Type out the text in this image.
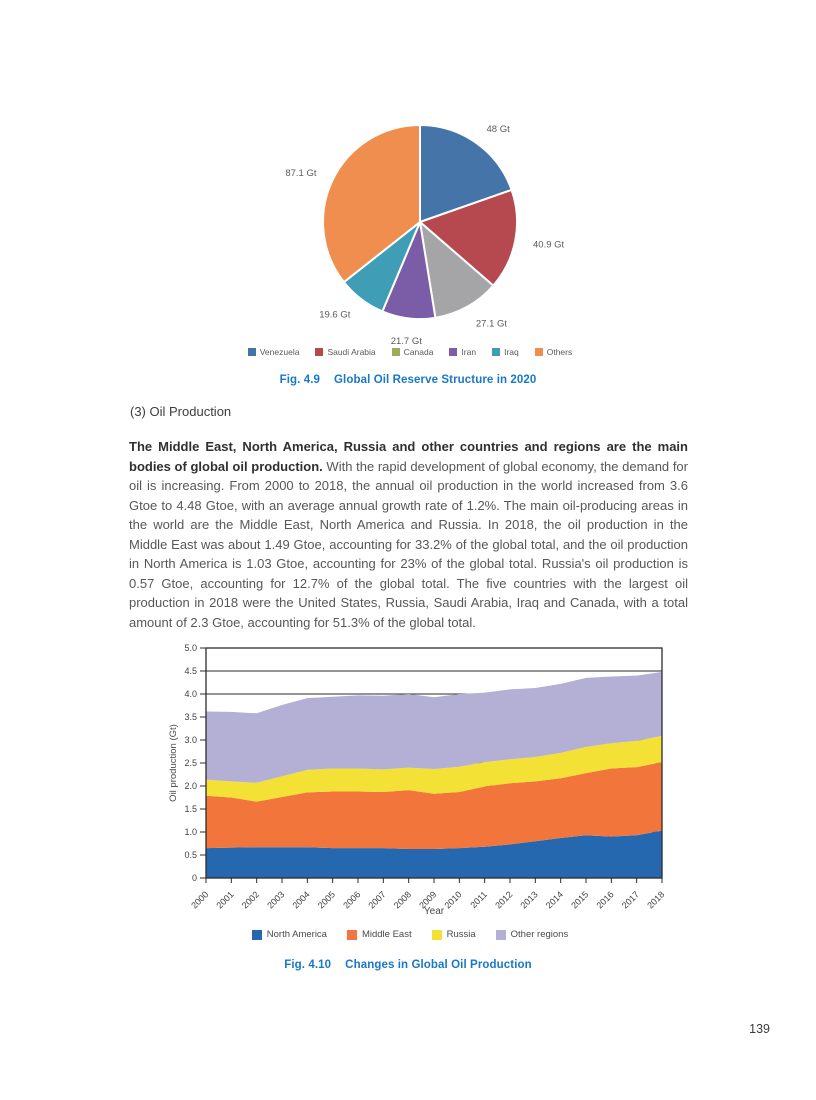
48 Gt
40.9 Gt
27.1 Gt
21.7 Gt
19.6 Gt
87.1 Gt
Venezuela	Saudi Arabia	Canada	Iran	Iraq	Others
Fig. 4.9 Global Oil Reserve Structure in 2020
(3) Oil Production

The Middle East, North America, Russia and other countries and regions are the main bodies of global oil production. With the rapid development of global economy, the demand for oil is increasing. From 2000 to 2018, the annual oil production in the world increased from 3.6 Gtoe to 4.48 Gtoe, with an average annual growth rate of 1.2%. The main oil-producing areas in the world are the Middle East, North America and Russia. In 2018, the oil production in the Middle East was about 1.49 Gtoe, accounting for 33.2% of the global total, and the oil production in North America is 1.03 Gtoe, accounting for 23% of the global total. Russia's oil production is 0.57 Gtoe, accounting for 12.7% of the global total. The five countries with the largest oil production in 2018 were the United States, Russia, Saudi Arabia, Iraq and Canada, with a total amount of 2.3 Gtoe, accounting for 51.3% of the global total.

0
0.5
1.0
1.5
2.0
2.5
3.0
3.5
4.0
4.5
5.0
2000 2001 2002 2003 2004 2005 2006 2007 2008 2009 2010 2011 2012 2013 2014 2015 2016 2017 2018
Oil production (Gt)
Year
North America	Middle East	Russia	Other regions
Fig. 4.10 Changes in Global Oil Production
139
